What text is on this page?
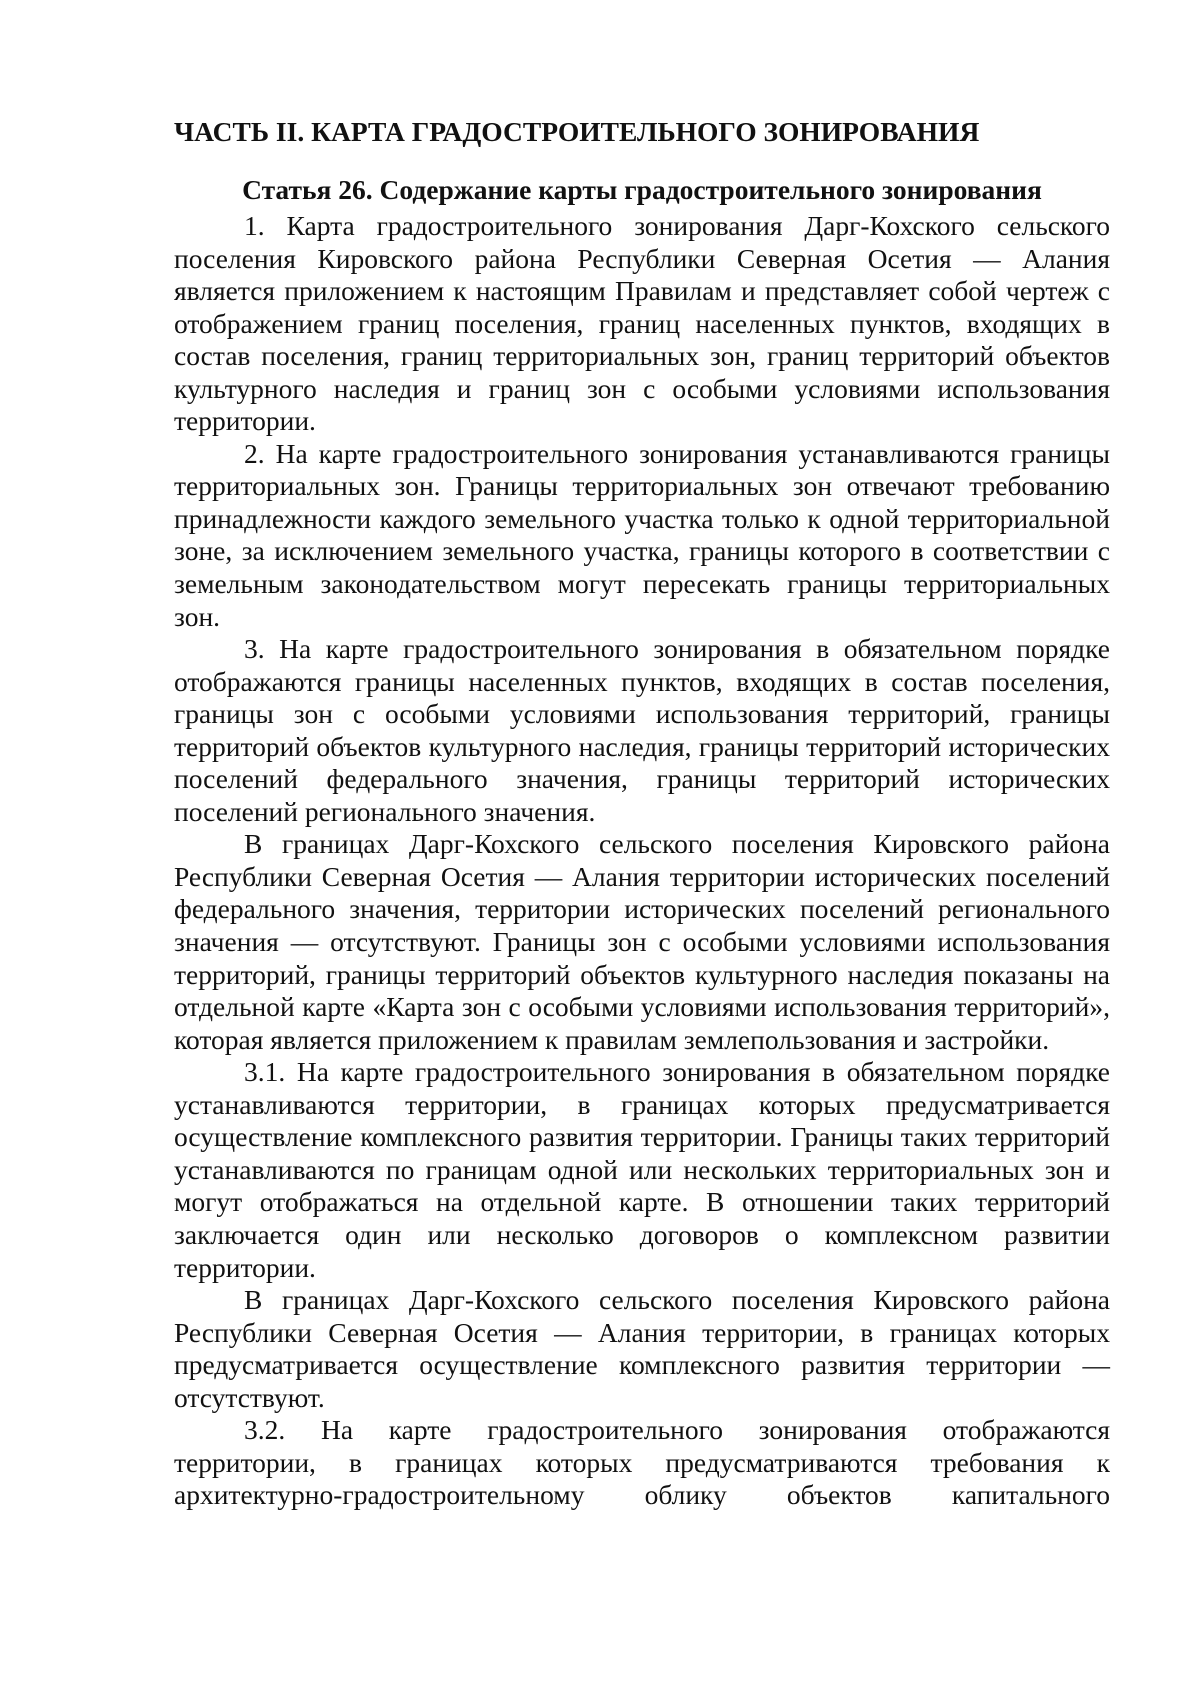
ЧАСТЬ II. КАРТА ГРАДОСТРОИТЕЛЬНОГО ЗОНИРОВАНИЯ
Статья 26. Содержание карты градостроительного зонирования

1. Карта градостроительного зонирования Дарг-Кохского сельского поселения Кировского района Республики Северная Осетия — Алания является приложением к настоящим Правилам и представляет собой чертеж с отображением границ поселения, границ населенных пунктов, входящих в состав поселения, границ территориальных зон, границ территорий объектов культурного наследия и границ зон с особыми условиями использования территории.

2. На карте градостроительного зонирования устанавливаются границы территориальных зон. Границы территориальных зон отвечают требованию принадлежности каждого земельного участка только к одной территориальной зоне, за исключением земельного участка, границы которого в соответствии с земельным законодательством могут пересекать границы территориальных зон.

3. На карте градостроительного зонирования в обязательном порядке отображаются границы населенных пунктов, входящих в состав поселения, границы зон с особыми условиями использования территорий, границы территорий объектов культурного наследия, границы территорий исторических поселений федерального значения, границы территорий исторических поселений регионального значения.

В границах Дарг-Кохского сельского поселения Кировского района Республики Северная Осетия — Алания территории исторических поселений федерального значения, территории исторических поселений регионального значения — отсутствуют. Границы зон с особыми условиями использования территорий, границы территорий объектов культурного наследия показаны на отдельной карте «Карта зон с особыми условиями использования территорий», которая является приложением к правилам землепользования и застройки.

3.1. На карте градостроительного зонирования в обязательном порядке устанавливаются территории, в границах которых предусматривается осуществление комплексного развития территории. Границы таких территорий устанавливаются по границам одной или нескольких территориальных зон и могут отображаться на отдельной карте. В отношении таких территорий заключается один или несколько договоров о комплексном развитии территории.

В границах Дарг-Кохского сельского поселения Кировского района Республики Северная Осетия — Алания территории, в границах которых предусматривается осуществление комплексного развития территории — отсутствуют.

3.2. На карте градостроительного зонирования отображаются территории, в границах которых предусматриваются требования к архитектурно-градостроительному облику объектов капитального
